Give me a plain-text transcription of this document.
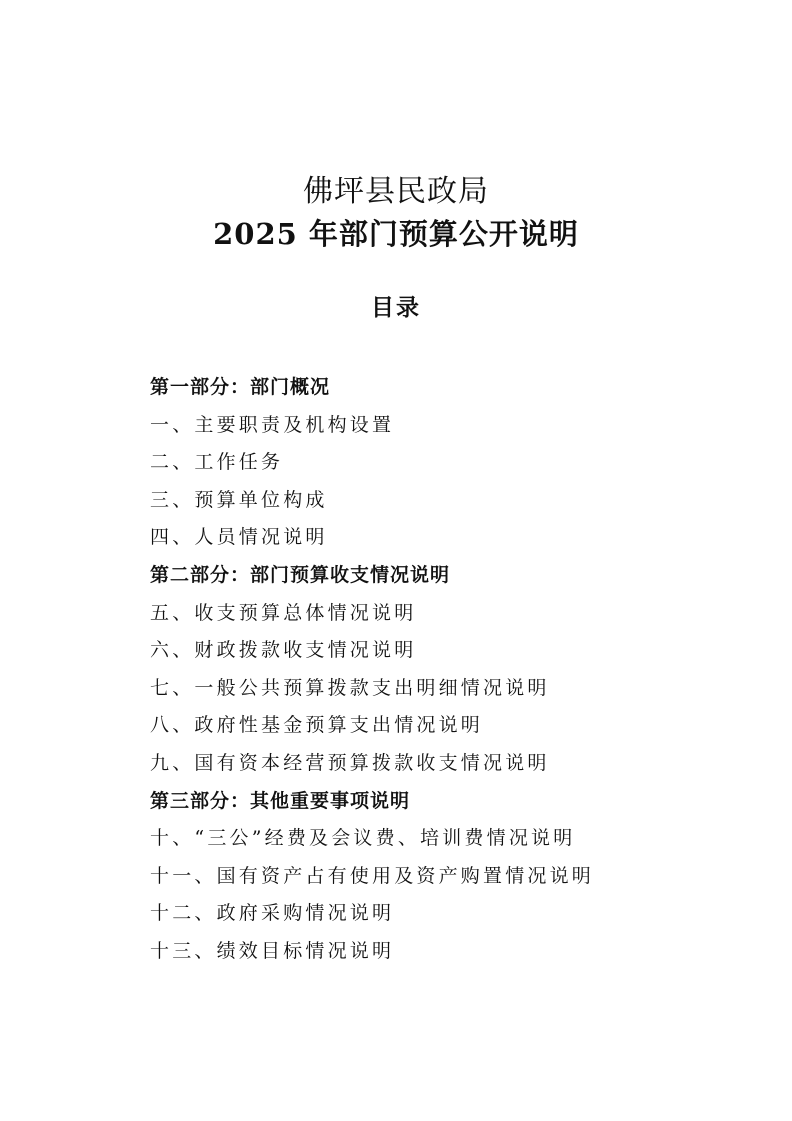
佛坪县民政局
2025 年部门预算公开说明
目录
第一部分：部门概况
一、主要职责及机构设置
二、工作任务
三、预算单位构成
四、人员情况说明
第二部分：部门预算收支情况说明
五、收支预算总体情况说明
六、财政拨款收支情况说明
七、一般公共预算拨款支出明细情况说明
八、政府性基金预算支出情况说明
九、国有资本经营预算拨款收支情况说明
第三部分：其他重要事项说明
十、“三公”经费及会议费、培训费情况说明
十一、国有资产占有使用及资产购置情况说明
十二、政府采购情况说明
十三、绩效目标情况说明
